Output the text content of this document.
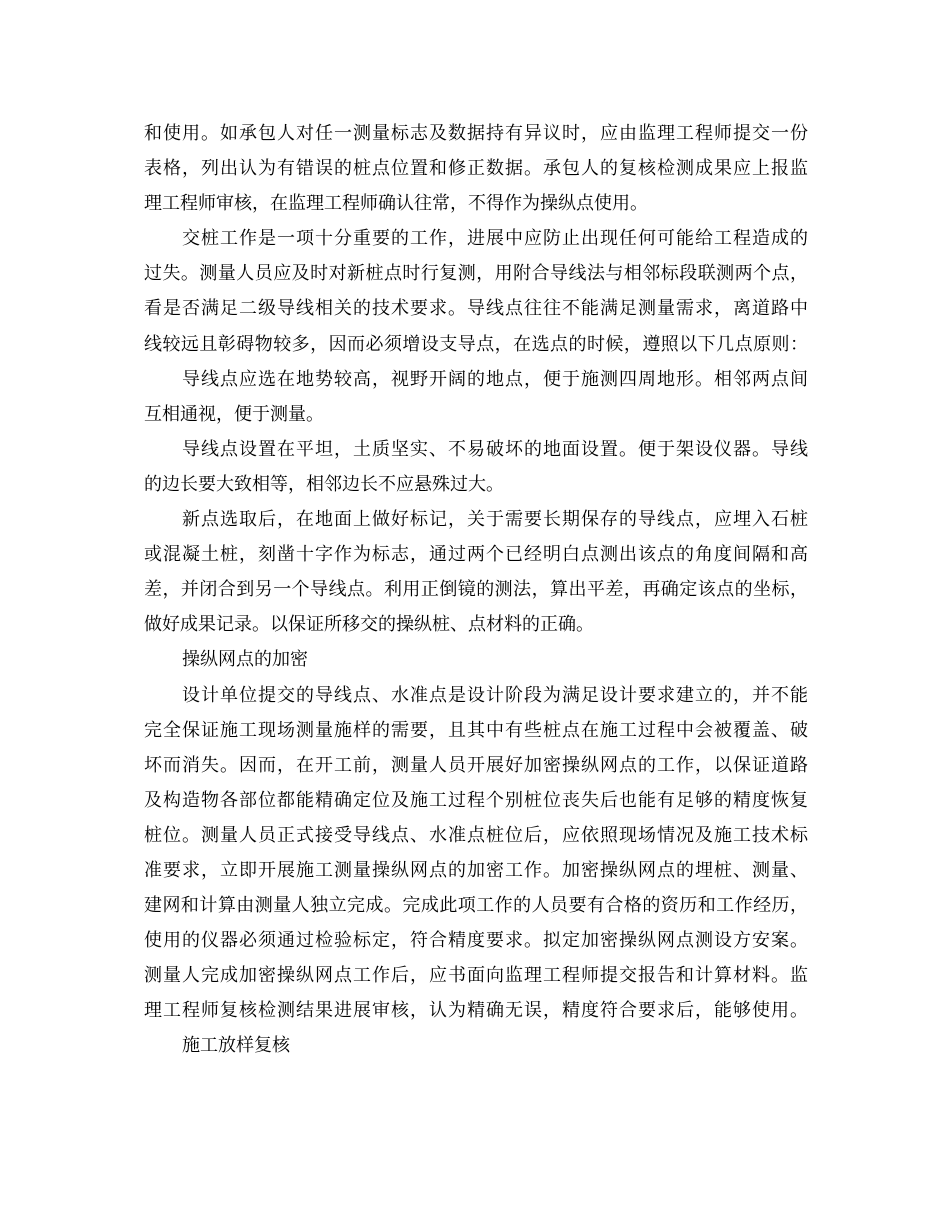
和使用。如承包人对任一测量标志及数据持有异议时，应由监理工程师提交一份
表格，列出认为有错误的桩点位置和修正数据。承包人的复核检测成果应上报监
理工程师审核，在监理工程师确认往常，不得作为操纵点使用。
交桩工作是一项十分重要的工作，进展中应防止出现任何可能给工程造成的
过失。测量人员应及时对新桩点时行复测，用附合导线法与相邻标段联测两个点，
看是否满足二级导线相关的技术要求。导线点往往不能满足测量需求，离道路中
线较远且彰碍物较多，因而必须增设支导点，在选点的时候，遵照以下几点原则：
导线点应选在地势较高，视野开阔的地点，便于施测四周地形。相邻两点间
互相通视，便于测量。
导线点设置在平坦，土质坚实、不易破坏的地面设置。便于架设仪器。导线
的边长要大致相等，相邻边长不应悬殊过大。
新点选取后，在地面上做好标记，关于需要长期保存的导线点，应埋入石桩
或混凝土桩，刻凿十字作为标志，通过两个已经明白点测出该点的角度间隔和高
差，并闭合到另一个导线点。利用正倒镜的测法，算出平差，再确定该点的坐标，
做好成果记录。以保证所移交的操纵桩、点材料的正确。
操纵网点的加密
设计单位提交的导线点、水准点是设计阶段为满足设计要求建立的，并不能
完全保证施工现场测量施样的需要，且其中有些桩点在施工过程中会被覆盖、破
坏而消失。因而，在开工前，测量人员开展好加密操纵网点的工作，以保证道路
及构造物各部位都能精确定位及施工过程个别桩位丧失后也能有足够的精度恢复
桩位。测量人员正式接受导线点、水准点桩位后，应依照现场情况及施工技术标
准要求，立即开展施工测量操纵网点的加密工作。加密操纵网点的埋桩、测量、
建网和计算由测量人独立完成。完成此项工作的人员要有合格的资历和工作经历，
使用的仪器必须通过检验标定，符合精度要求。拟定加密操纵网点测设方安案。
测量人完成加密操纵网点工作后，应书面向监理工程师提交报告和计算材料。监
理工程师复核检测结果进展审核，认为精确无误，精度符合要求后，能够使用。
施工放样复核
